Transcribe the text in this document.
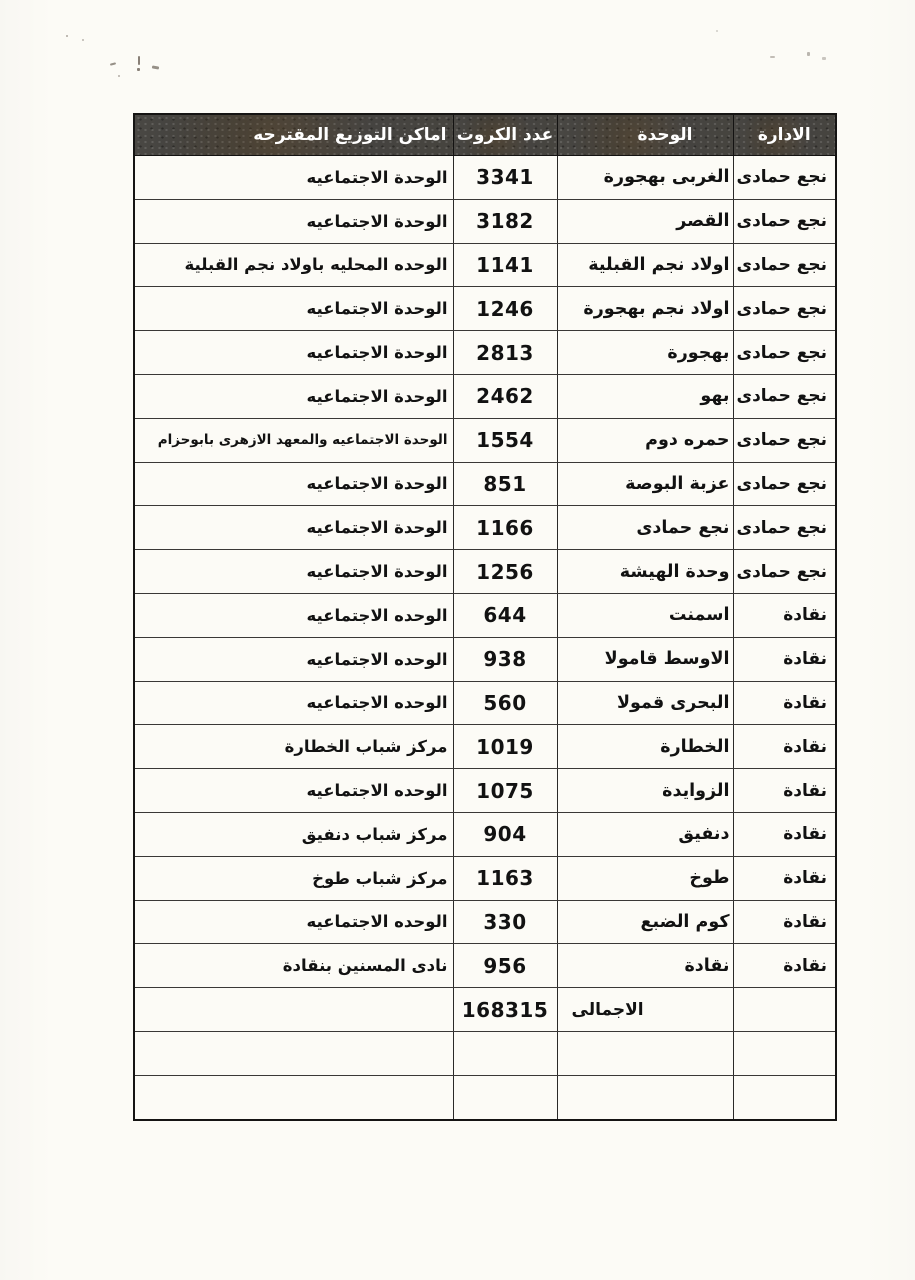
الادارة	الوحدة	عدد الكروت	اماكن التوزيع المقترحه
نجع حمادى	الغربى بهجورة	3341	الوحدة الاجتماعيه
نجع حمادى	القصر	3182	الوحدة الاجتماعيه
نجع حمادى	اولاد نجم القبلية	1141	الوحده المحليه باولاد نجم القبلية
نجع حمادى	اولاد نجم بهجورة	1246	الوحدة الاجتماعيه
نجع حمادى	بهجورة	2813	الوحدة الاجتماعيه
نجع حمادى	بهو	2462	الوحدة الاجتماعيه
نجع حمادى	حمره دوم	1554	الوحدة الاجتماعيه والمعهد الازهرى بابوحزام
نجع حمادى	عزبة البوصة	851	الوحدة الاجتماعيه
نجع حمادى	نجع حمادى	1166	الوحدة الاجتماعيه
نجع حمادى	وحدة الهيشة	1256	الوحدة الاجتماعيه
نقادة	اسمنت	644	الوحده الاجتماعيه
نقادة	الاوسط قامولا	938	الوحده الاجتماعيه
نقادة	البحرى قمولا	560	الوحده الاجتماعيه
نقادة	الخطارة	1019	مركز شباب الخطارة
نقادة	الزوايدة	1075	الوحده الاجتماعيه
نقادة	دنفيق	904	مركز شباب دنفيق
نقادة	طوخ	1163	مركز شباب طوخ
نقادة	كوم الضبع	330	الوحده الاجتماعيه
نقادة	نقادة	956	نادى المسنين بنقادة
	الاجمالى	168315	
